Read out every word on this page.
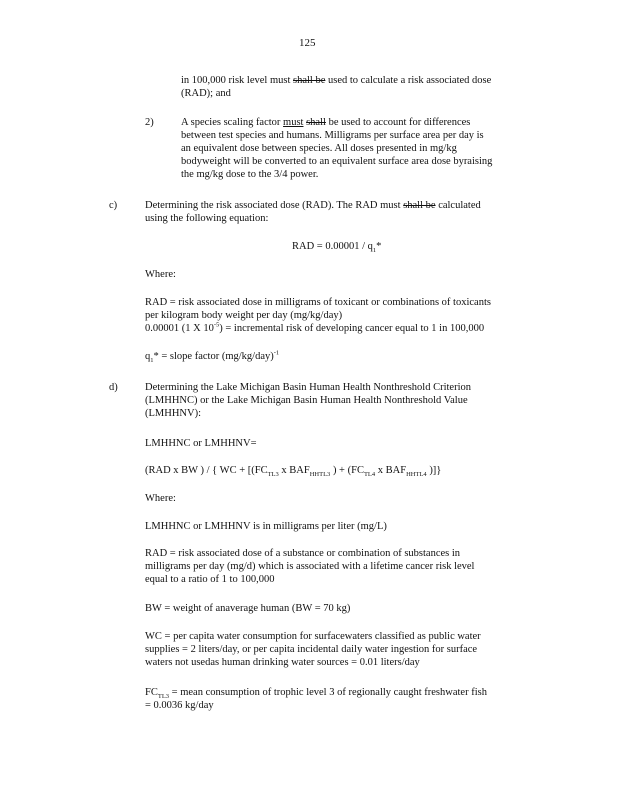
125
in 100,000 risk level must shall be used to calculate a risk associated dose
(RAD); and
2)	A species scaling factor must shall be used to account for differences
between test species and humans. Milligrams per surface area per day is
an equivalent dose between species. All doses presented in mg/kg
bodyweight will be converted to an equivalent surface area dose byraising
the mg/kg dose to the 3/4 power.
c)	Determining the risk associated dose (RAD). The RAD must shall be calculated
using the following equation:
RAD = $0.00001 / q_1*$
Where:
RAD = risk associated dose in milligrams of toxicant or combinations of toxicants
per kilogram body weight per day (mg/kg/day)
0.00001 (1 X $10^{-5}$) = incremental risk of developing cancer equal to 1 in 100,000
$q_1*$ = slope factor $(mg/kg/day)^{-1}$
d)	Determining the Lake Michigan Basin Human Health Nonthreshold Criterion
(LMHHNC) or the Lake Michigan Basin Human Health Nonthreshold Value
(LMHHNV):
LMHHNC or LMHHNV=
(RAD x BW ) / { WC + [($FC_{TL3}$ x $BAF_{HHTL3}$ ) + ($FC_{TL4}$ x $BAF_{HHTL4}$ )]}
Where:
LMHHNC or LMHHNV is in milligrams per liter (mg/L)
RAD = risk associated dose of a substance or combination of substances in
milligrams per day (mg/d) which is associated with a lifetime cancer risk level
equal to a ratio of 1 to 100,000
BW = weight of anaverage human (BW = 70 kg)
WC = per capita water consumption for surfacewaters classified as public water
supplies = 2 liters/day, or per capita incidental daily water ingestion for surface
waters not usedas human drinking water sources = 0.01 liters/day
$FC_{TL3}$ = mean consumption of trophic level 3 of regionally caught freshwater fish
= 0.0036 kg/day
